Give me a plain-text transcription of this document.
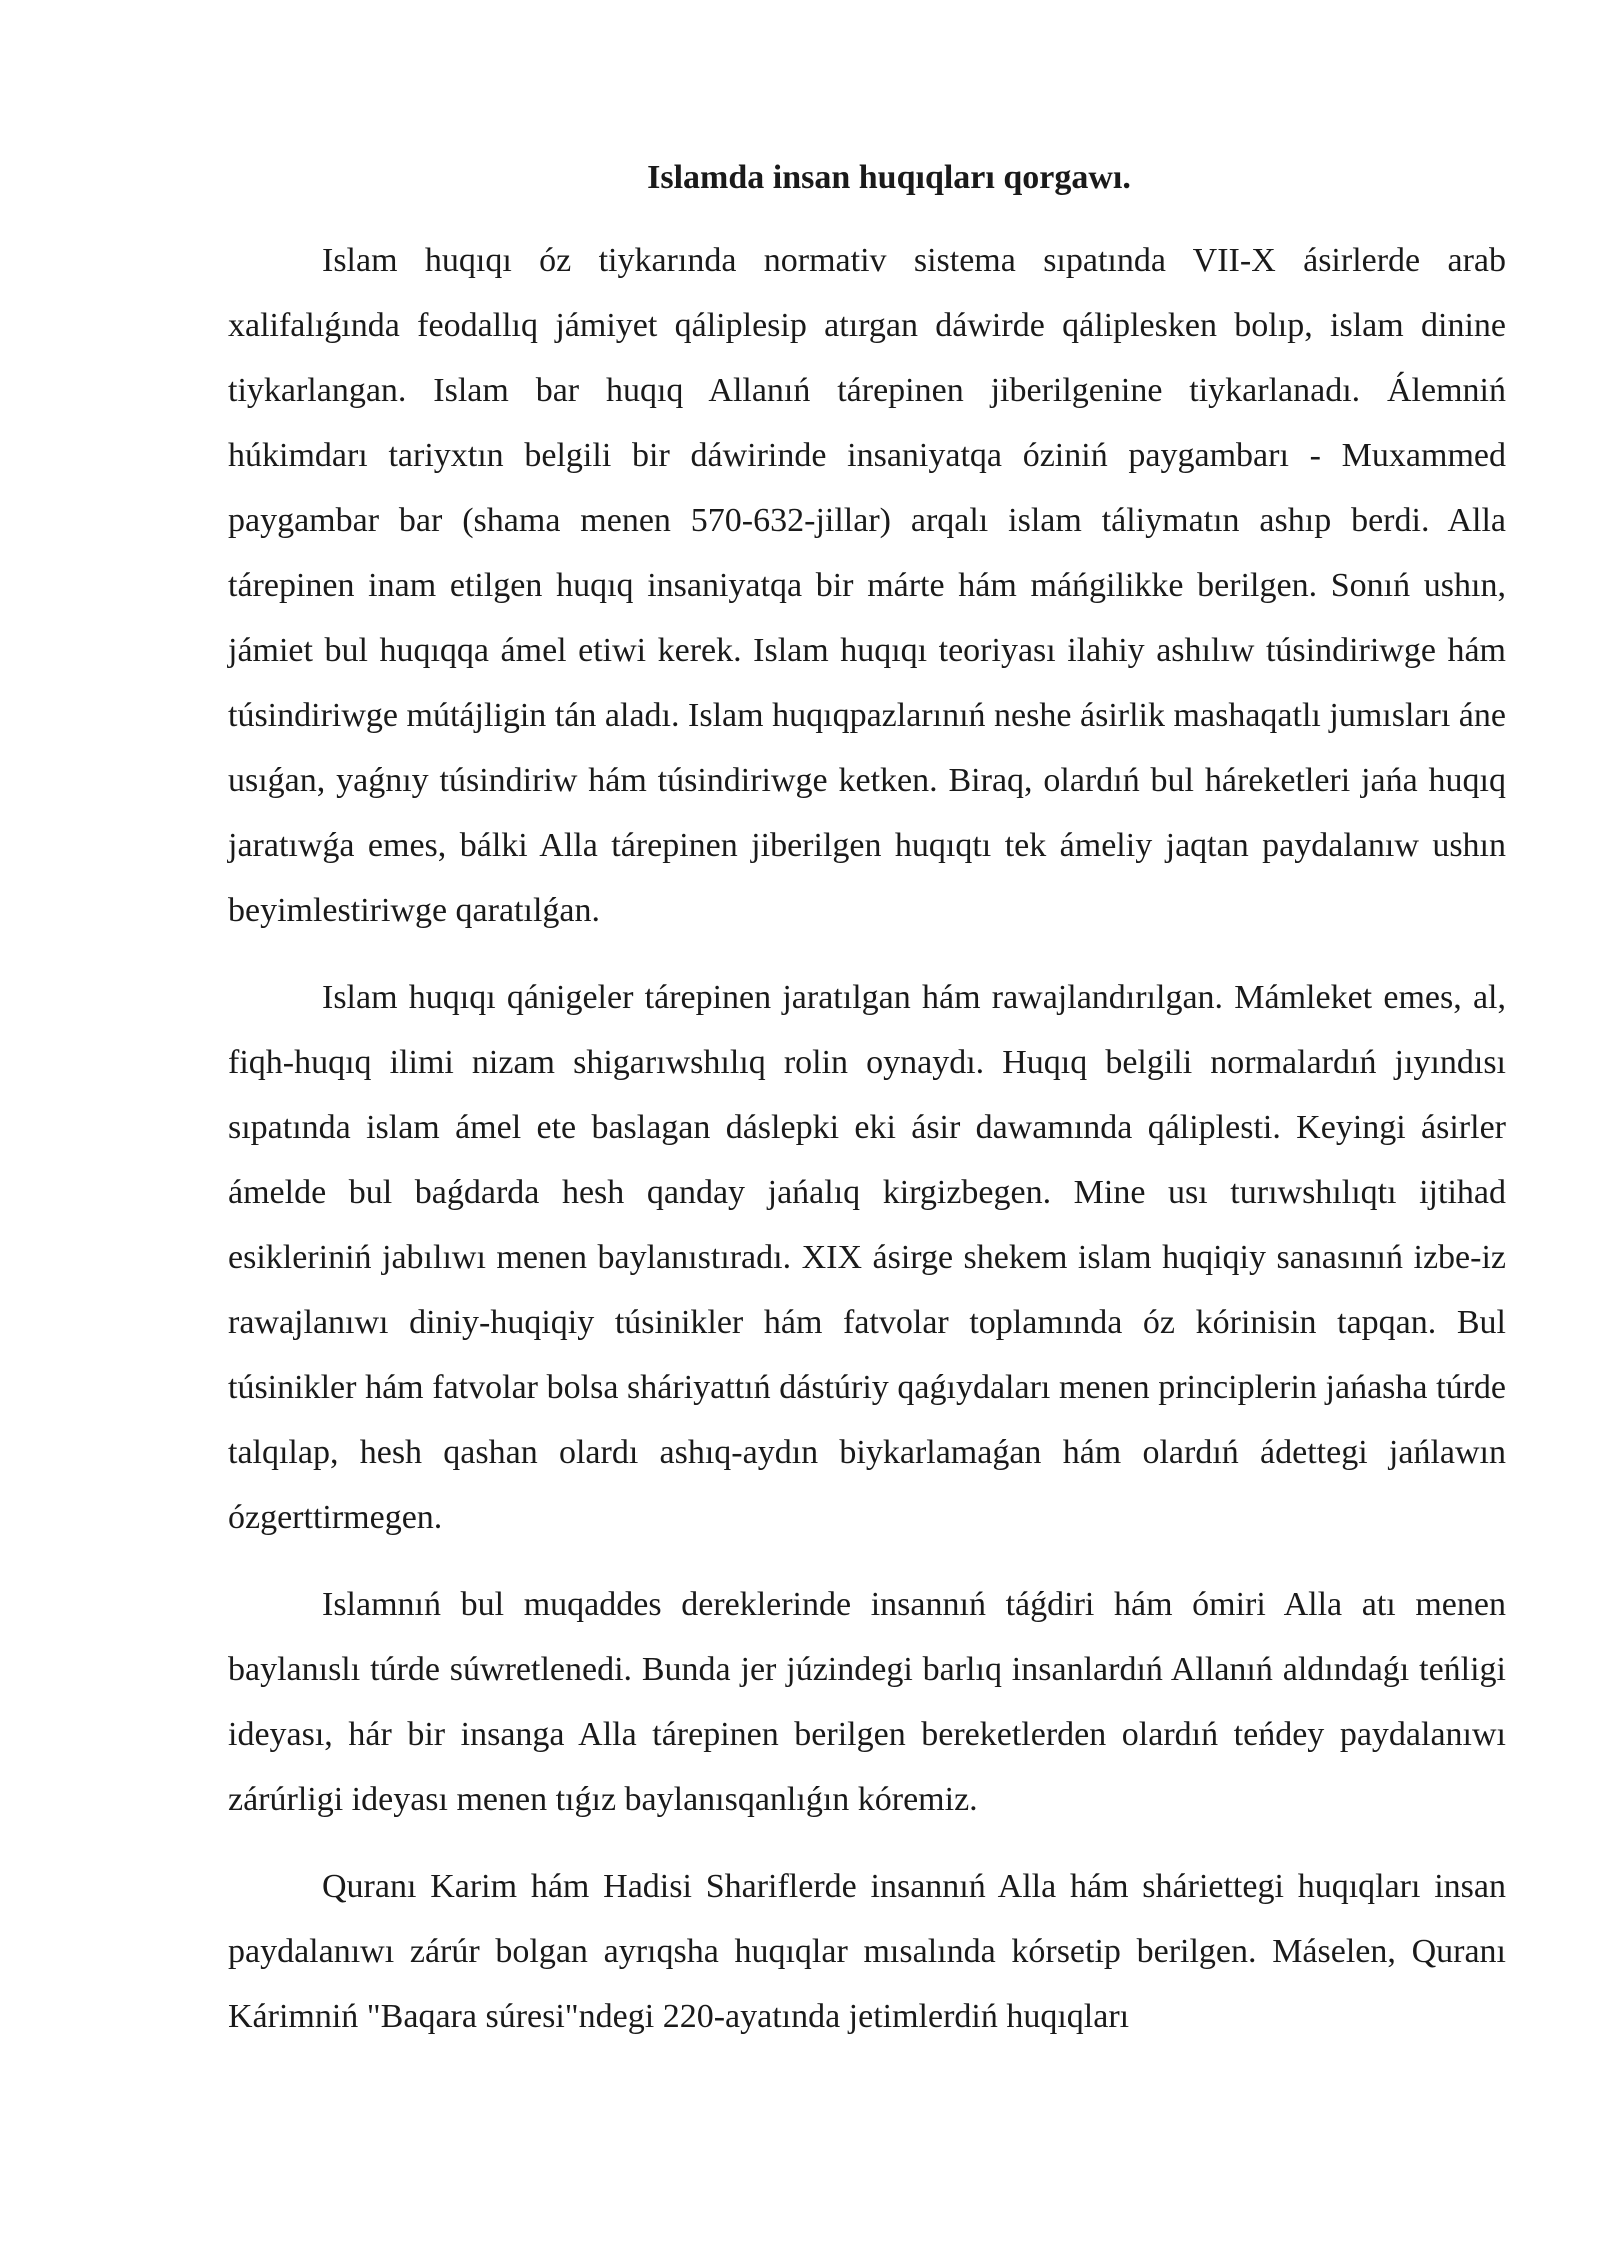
Islamda insan huqıqları qorgawı.

Islam huqıqı óz tiykarında normativ sistema sıpatında VII-X ásirlerde arab xalifalıǵında feodallıq jámiyet qáliplesip atırgan dáwirde qáliplesken bolıp, islam dinine tiykarlangan. Islam bar huqıq Allanıń tárepinen jiberilgenine tiykarlanadı. Álemniń húkimdarı tariyxtın belgili bir dáwirinde insaniyatqa óziniń paygambarı - Muxammed paygambar bar (shama menen 570-632-jillar) arqalı islam táliymatın ashıp berdi. Alla tárepinen inam etilgen huqıq insaniyatqa bir márte hám máńgilikke berilgen. Sonıń ushın, jámiet bul huqıqqa ámel etiwi kerek. Islam huqıqı teoriyası ilahiy ashılıw túsindiriwge hám túsindiriwge mútájligin tán aladı. Islam huqıqpazlarınıń neshe ásirlik mashaqatlı jumısları áne usıǵan, yaǵnıy túsindiriw hám túsindiriwge ketken. Biraq, olardıń bul háreketleri jańa huqıq jaratıwǵa emes, bálki Alla tárepinen jiberilgen huqıqtı tek ámeliy jaqtan paydalanıw ushın beyimlestiriwge qaratılǵan.

Islam huqıqı qánigeler tárepinen jaratılgan hám rawajlandırılgan. Mámleket emes, al, fiqh-huqıq ilimi nizam shigarıwshılıq rolin oynaydı. Huqıq belgili normalardıń jıyındısı sıpatında islam ámel ete baslagan dáslepki eki ásir dawamında qáliplesti. Keyingi ásirler ámelde bul baǵdarda hesh qanday jańalıq kirgizbegen. Mine usı turıwshılıqtı ijtihad esikleriniń jabılıwı menen baylanıstıradı. XIX ásirge shekem islam huqiqiy sanasınıń izbe-iz rawajlanıwı diniy-huqiqiy túsinikler hám fatvolar toplamında óz kórinisin tapqan. Bul túsinikler hám fatvolar bolsa sháriyattıń dástúriy qaǵıydaları menen principlerin jańasha túrde talqılap, hesh qashan olardı ashıq-aydın biykarlamaǵan hám olardıń ádettegi jańlawın ózgerttirmegen.

Islamnıń bul muqaddes dereklerinde insannıń táǵdiri hám ómiri Alla atı menen baylanıslı túrde súwretlenedi. Bunda jer júzindegi barlıq insanlardıń Allanıń aldındaǵı teńligi ideyası, hár bir insanga Alla tárepinen berilgen bereketlerden olardıń teńdey paydalanıwı zárúrligi ideyası menen tıǵız baylanısqanlıǵın kóremiz.

Quranı Karim hám Hadisi Shariflerde insannıń Alla hám sháriettegi huqıqları insan paydalanıwı zárúr bolgan ayrıqsha huqıqlar mısalında kórsetip berilgen. Máselen, Quranı Kárimniń "Baqara súresi"ndegi 220-ayatında jetimlerdiń huqıqları
